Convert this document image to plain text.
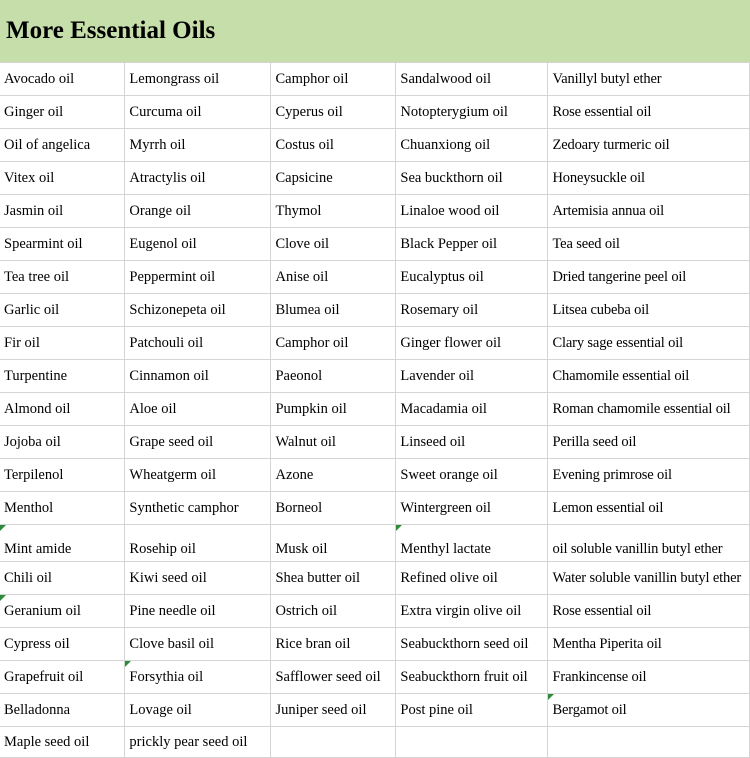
More Essential Oils				
Avocado oil	Lemongrass oil	Camphor oil	Sandalwood oil	Vanillyl butyl ether
Ginger oil	Curcuma oil	Cyperus oil	Notopterygium oil	Rose essential oil
Oil of angelica	Myrrh oil	Costus oil	Chuanxiong oil	Zedoary turmeric oil
Vitex oil	Atractylis oil	Capsicine	Sea buckthorn oil	Honeysuckle oil
Jasmin oil	Orange oil	Thymol	Linaloe wood oil	Artemisia annua oil
Spearmint oil	Eugenol oil	Clove oil	Black Pepper oil	Tea seed oil
Tea tree oil	Peppermint oil	Anise oil	Eucalyptus oil	Dried tangerine peel oil
Garlic oil	Schizonepeta oil	Blumea oil	Rosemary oil	Litsea cubeba oil
Fir oil	Patchouli oil	Camphor oil	Ginger flower oil	Clary sage essential oil
Turpentine	Cinnamon oil	Paeonol	Lavender oil	Chamomile essential oil
Almond oil	Aloe oil	Pumpkin oil	Macadamia oil	Roman chamomile essential oil
Jojoba oil	Grape seed oil	Walnut oil	Linseed oil	Perilla seed oil
Terpilenol	Wheatgerm oil	Azone	Sweet orange oil	Evening primrose oil
Menthol	Synthetic camphor	Borneol	Wintergreen oil	Lemon essential oil

Mint amide	Rosehip oil	Musk oil	Menthyl lactate	oil soluble vanillin butyl ether
Chili oil	Kiwi seed oil	Shea butter oil	Refined olive oil	Water soluble vanillin butyl ether

Geranium oil	Pine needle oil	Ostrich oil	Extra virgin olive oil	Rose essential oil
Cypress oil	Clove basil oil	Rice bran oil	Seabuckthorn seed oil	Mentha Piperita oil
Grapefruit oil	Forsythia oil	Safflower seed oil	Seabuckthorn fruit oil	Frankincense oil
Belladonna	Lovage oil	Juniper seed oil	Post pine oil	Bergamot oil
Maple seed oil	prickly pear seed oil			
